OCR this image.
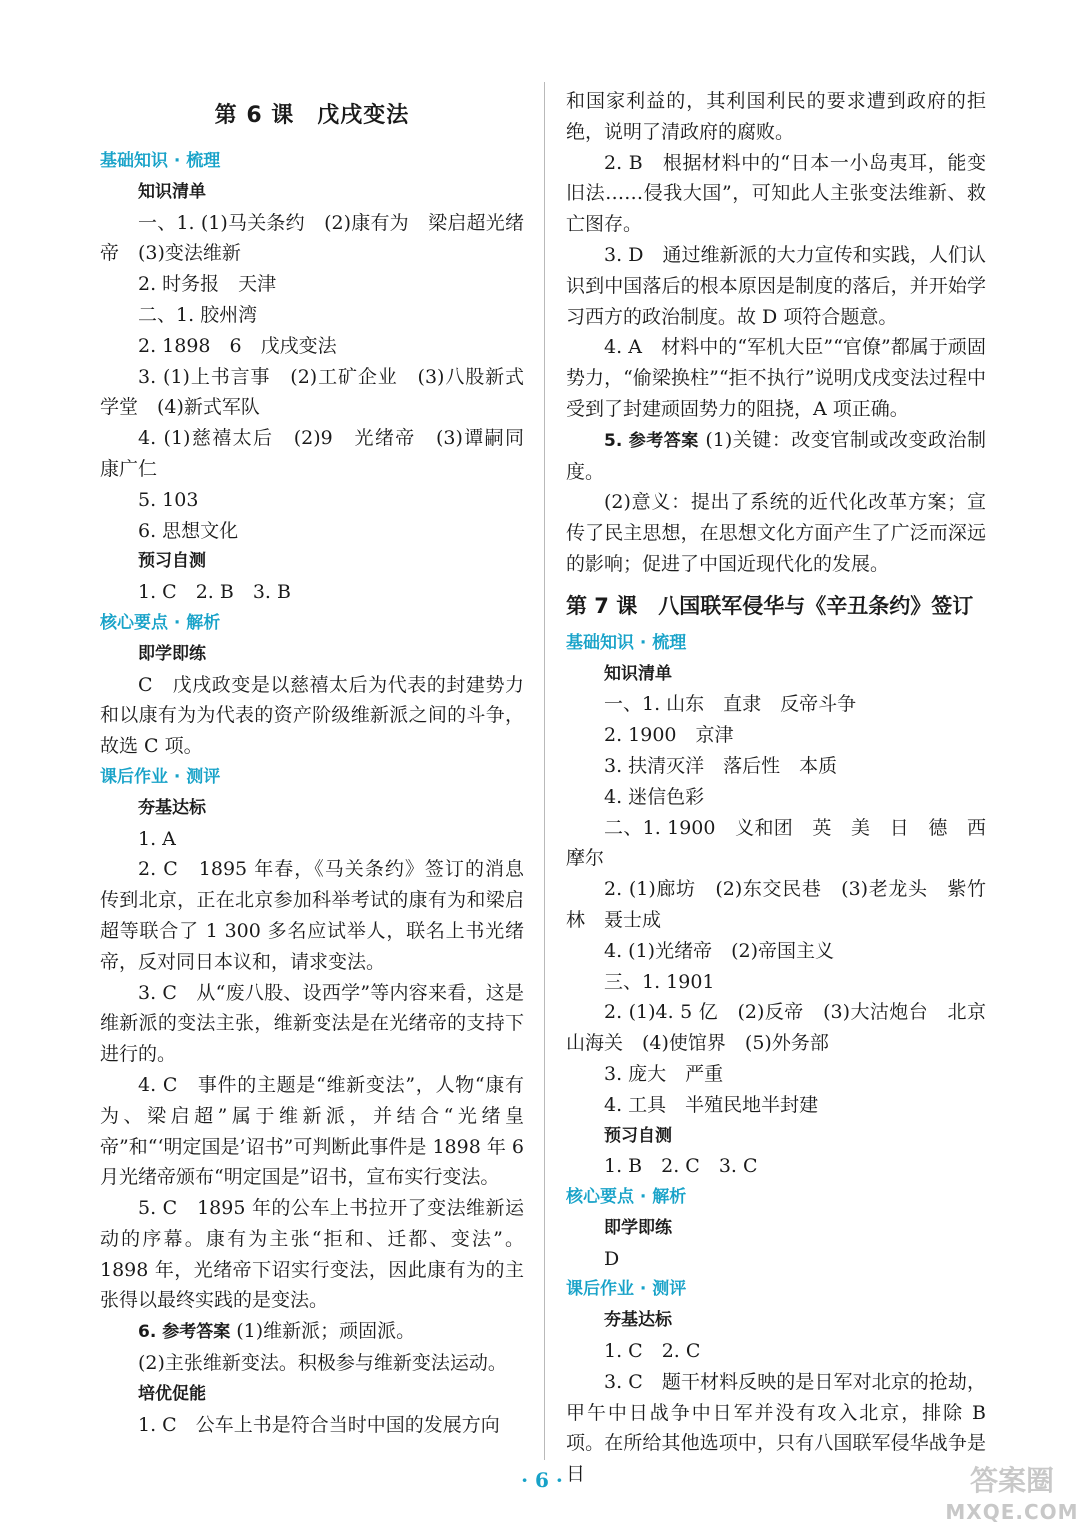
第 6 课　戊戌变法
基础知识 · 梳理
知识清单

一、1. (1)马关条约　(2)康有为　梁启超光绪帝　(3)变法维新

2. 时务报　天津

二、1. 胶州湾

2. 1898　6　戊戌变法

3. (1)上书言事　(2)工矿企业　(3)八股新式学堂　(4)新式军队

4. (1)慈禧太后　(2)9　光绪帝　(3)谭嗣同　康广仁

5. 103

6. 思想文化

预习自测

1. C　2. B　3. B

核心要点 · 解析
即学即练

C　戊戌政变是以慈禧太后为代表的封建势力和以康有为为代表的资产阶级维新派之间的斗争，故选 C 项。

课后作业 · 测评
夯基达标

1. A

2. C　1895 年春，《马关条约》签订的消息传到北京，正在北京参加科举考试的康有为和梁启超等联合了 1 300 多名应试举人，联名上书光绪帝，反对同日本议和，请求变法。

3. C　从“废八股、设西学”等内容来看，这是维新派的变法主张，维新变法是在光绪帝的支持下进行的。

4. C　事件的主题是“维新变法”，人物“康有为、梁启超”属于维新派，并结合“光绪皇帝”和“‘明定国是’诏书”可判断此事件是 1898 年 6 月光绪帝颁布“明定国是”诏书，宣布实行变法。

5. C　1895 年的公车上书拉开了变法维新运动的序幕。康有为主张“拒和、迁都、变法”。1898 年，光绪帝下诏实行变法，因此康有为的主张得以最终实践的是变法。

6. 参考答案 (1)维新派；顽固派。

(2)主张维新变法。积极参与维新变法运动。

培优促能

1. C　公车上书是符合当时中国的发展方向

和国家利益的，其利国利民的要求遭到政府的拒绝，说明了清政府的腐败。

2. B　根据材料中的“日本一小岛夷耳，能变旧法……侵我大国”，可知此人主张变法维新、救亡图存。

3. D　通过维新派的大力宣传和实践，人们认识到中国落后的根本原因是制度的落后，并开始学习西方的政治制度。故 D 项符合题意。

4. A　材料中的“军机大臣”“官僚”都属于顽固势力，“偷梁换柱”“拒不执行”说明戊戌变法过程中受到了封建顽固势力的阻挠，A 项正确。

5. 参考答案 (1)关键：改变官制或改变政治制度。

(2)意义：提出了系统的近代化改革方案；宣传了民主思想，在思想文化方面产生了广泛而深远的影响；促进了中国近现代化的发展。

第 7 课　八国联军侵华与《辛丑条约》签订
基础知识 · 梳理
知识清单

一、1. 山东　直隶　反帝斗争

2. 1900　京津

3. 扶清灭洋　落后性　本质

4. 迷信色彩

二、1. 1900　义和团　英　美　日　德　西摩尔

2. (1)廊坊　(2)东交民巷　(3)老龙头　紫竹林　聂士成

4. (1)光绪帝　(2)帝国主义

三、1. 1901

2. (1)4. 5 亿　(2)反帝　(3)大沽炮台　北京山海关　(4)使馆界　(5)外务部

3. 庞大　严重

4. 工具　半殖民地半封建

预习自测

1. B　2. C　3. C

核心要点 · 解析
即学即练

D

课后作业 · 测评
夯基达标

1. C　2. C

3. C　题干材料反映的是日军对北京的抢劫，甲午中日战争中日军并没有攻入北京，排除 B 项。在所给其他选项中，只有八国联军侵华战争是日

· 6 ·	答案圈
MXQE.COM
